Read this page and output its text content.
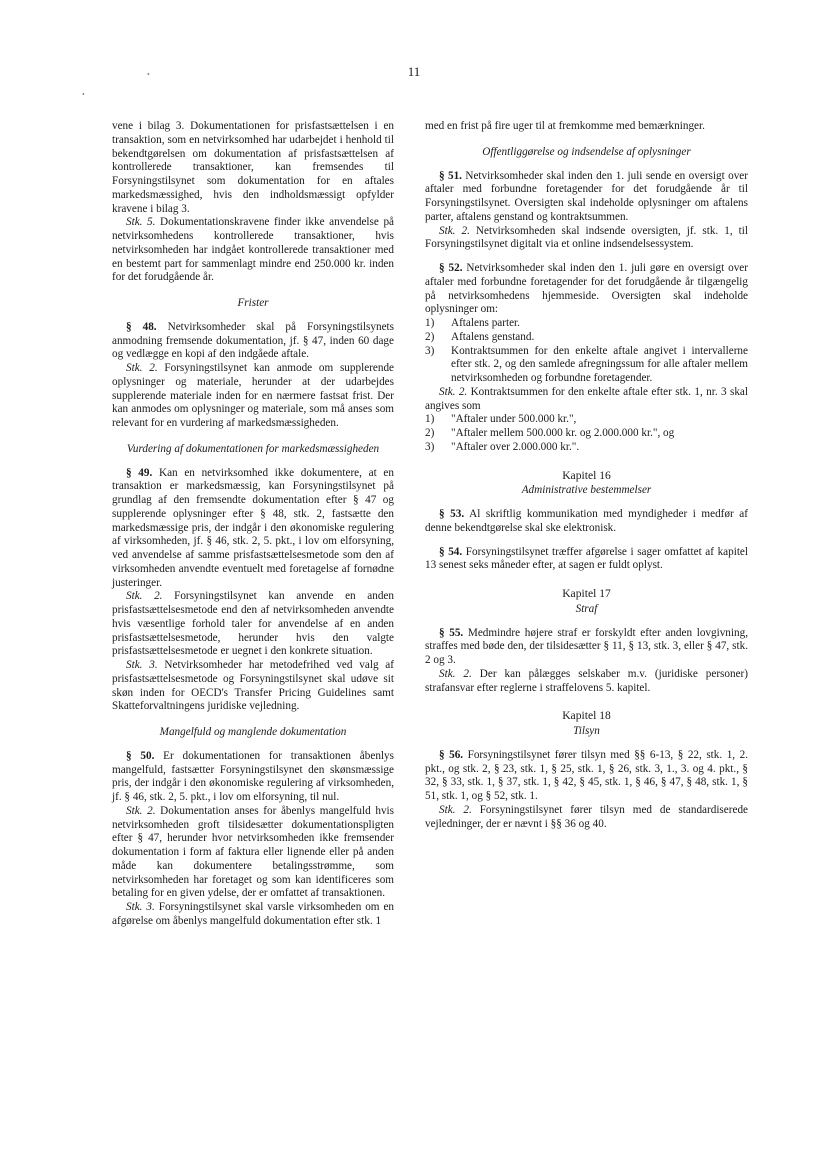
11
•
•

vene i bilag 3. Dokumentationen for prisfastsættelsen i en transaktion, som en netvirksomhed har udarbejdet i henhold til bekendtgørelsen om dokumentation af prisfastsættelsen af kontrollerede transaktioner, kan fremsendes til Forsyningstilsynet som dokumentation for en aftales markedsmæssighed, hvis den indholdsmæssigt opfylder kravene i bilag 3.

Stk. 5. Dokumentationskravene finder ikke anvendelse på netvirksomhedens kontrollerede transaktioner, hvis netvirksomheden har indgået kontrollerede transaktioner med en bestemt part for sammenlagt mindre end 250.000 kr. inden for det forudgående år.

Frister

§ 48. Netvirksomheder skal på Forsyningstilsynets anmodning fremsende dokumentation, jf. § 47, inden 60 dage og vedlægge en kopi af den indgåede aftale.

Stk. 2. Forsyningstilsynet kan anmode om supplerende oplysninger og materiale, herunder at der udarbejdes supplerende materiale inden for en nærmere fastsat frist. Der kan anmodes om oplysninger og materiale, som må anses som relevant for en vurdering af markedsmæssigheden.

Vurdering af dokumentationen for markedsmæssigheden

§ 49. Kan en netvirksomhed ikke dokumentere, at en transaktion er markedsmæssig, kan Forsyningstilsynet på grundlag af den fremsendte dokumentation efter § 47 og supplerende oplysninger efter § 48, stk. 2, fastsætte den markedsmæssige pris, der indgår i den økonomiske regulering af virksomheden, jf. § 46, stk. 2, 5. pkt., i lov om elforsyning, ved anvendelse af samme prisfastsættelsesmetode som den af virksomheden anvendte eventuelt med foretagelse af fornødne justeringer.

Stk. 2. Forsyningstilsynet kan anvende en anden prisfastsættelsesmetode end den af netvirksomheden anvendte hvis væsentlige forhold taler for anvendelse af en anden prisfastsættelsesmetode, herunder hvis den valgte prisfastsættelsesmetode er uegnet i den konkrete situation.

Stk. 3. Netvirksomheder har metodefrihed ved valg af prisfastsættelsesmetode og Forsyningstilsynet skal udøve sit skøn inden for OECD's Transfer Pricing Guidelines samt Skatteforvaltningens juridiske vejledning.

Mangelfuld og manglende dokumentation

§ 50. Er dokumentationen for transaktionen åbenlys mangelfuld, fastsætter Forsyningstilsynet den skønsmæssige pris, der indgår i den økonomiske regulering af virksomheden, jf. § 46, stk. 2, 5. pkt., i lov om elforsyning, til nul.

Stk. 2. Dokumentation anses for åbenlys mangelfuld hvis netvirksomheden groft tilsidesætter dokumentationspligten efter § 47, herunder hvor netvirksomheden ikke fremsender dokumentation i form af faktura eller lignende eller på anden måde kan dokumentere betalingsstrømme, som netvirksomheden har foretaget og som kan identificeres som betaling for en given ydelse, der er omfattet af transaktionen.

Stk. 3. Forsyningstilsynet skal varsle virksomheden om en afgørelse om åbenlys mangelfuld dokumentation efter stk. 1

med en frist på fire uger til at fremkomme med bemærkninger.

Offentliggørelse og indsendelse af oplysninger

§ 51. Netvirksomheder skal inden den 1. juli sende en oversigt over aftaler med forbundne foretagender for det forudgående år til Forsyningstilsynet. Oversigten skal indeholde oplysninger om aftalens parter, aftalens genstand og kontraktsummen.

Stk. 2. Netvirksomheden skal indsende oversigten, jf. stk. 1, til Forsyningstilsynet digitalt via et online indsendelsessystem.

§ 52. Netvirksomheder skal inden den 1. juli gøre en oversigt over aftaler med forbundne foretagender for det forudgående år tilgængelig på netvirksomhedens hjemmeside. Oversigten skal indeholde oplysninger om:

1)	Aftalens parter.
2)	Aftalens genstand.
3)	Kontraktsummen for den enkelte aftale angivet i intervallerne efter stk. 2, og den samlede afregningssum for alle aftaler mellem netvirksomheden og forbundne foretagender.

Stk. 2. Kontraktsummen for den enkelte aftale efter stk. 1, nr. 3 skal angives som

1)	"Aftaler under 500.000 kr.",
2)	"Aftaler mellem 500.000 kr. og 2.000.000 kr.", og
3)	"Aftaler over 2.000.000 kr.".

Kapitel 16

Administrative bestemmelser

§ 53. Al skriftlig kommunikation med myndigheder i medfør af denne bekendtgørelse skal ske elektronisk.

§ 54. Forsyningstilsynet træffer afgørelse i sager omfattet af kapitel 13 senest seks måneder efter, at sagen er fuldt oplyst.

Kapitel 17

Straf

§ 55. Medmindre højere straf er forskyldt efter anden lovgivning, straffes med bøde den, der tilsidesætter § 11, § 13, stk. 3, eller § 47, stk. 2 og 3.

Stk. 2. Der kan pålægges selskaber m.v. (juridiske personer) strafansvar efter reglerne i straffelovens 5. kapitel.

Kapitel 18

Tilsyn

§ 56. Forsyningstilsynet fører tilsyn med §§ 6-13, § 22, stk. 1, 2. pkt., og stk. 2, § 23, stk. 1, § 25, stk. 1, § 26, stk. 3, 1., 3. og 4. pkt., § 32, § 33, stk. 1, § 37, stk. 1, § 42, § 45, stk. 1, § 46, § 47, § 48, stk. 1, § 51, stk. 1, og § 52, stk. 1.

Stk. 2. Forsyningstilsynet fører tilsyn med de standardiserede vejledninger, der er nævnt i §§ 36 og 40.
